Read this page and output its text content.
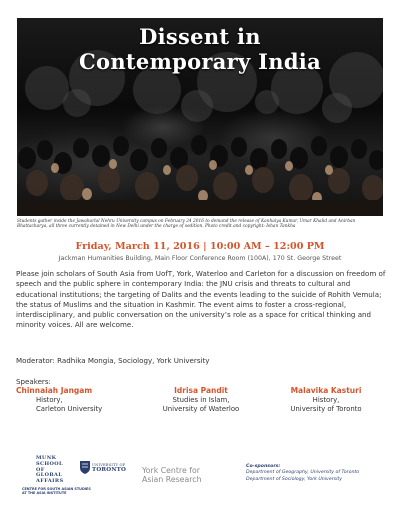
Dissent in
Contemporary India
Students gather inside the Jawaharlal Nehru University campus on February 24 2016 to demand the release of Kanhaiya Kumar, Umar Khalid and Anirban Bhattacharya, all three currently detained in New Delhi under the charge of sedition. Photo credit and copyright: Ishan Tankha
Friday, March 11, 2016 | 10:00 AM – 12:00 PM
Jackman Humanities Building, Main Floor Conference Room (100A), 170 St. George Street
Please join scholars of South Asia from UofT, York, Waterloo and Carleton for a discussion on freedom of speech and the public sphere in contemporary India: the JNU crisis and threats to cultural and educational institutions; the targeting of Dalits and the events leading to the suicide of Rohith Vemula; the status of Muslims and the situation in Kashmir. The event aims to foster a cross-regional, interdisciplinary, and public conversation on the university’s role as a space for critical thinking and minority voices. All are welcome.
Moderator: Radhika Mongia, Sociology, York University
Speakers:
Chinnaiah Jangam
History,
Carleton University
Idrisa Pandit
Studies in Islam,
University of Waterloo
Malavika Kasturi
History,
University of Toronto
MUNK
SCHOOL
OF
GLOBAL
AFFAIRS
CENTRE FOR SOUTH ASIAN STUDIES
AT THE ASIA INSTITUTE
UNIVERSITY OF
TORONTO York Centre for
Asian Research
Co-sponsors:
Department of Geography, University of Toronto
Department of Sociology, York University
